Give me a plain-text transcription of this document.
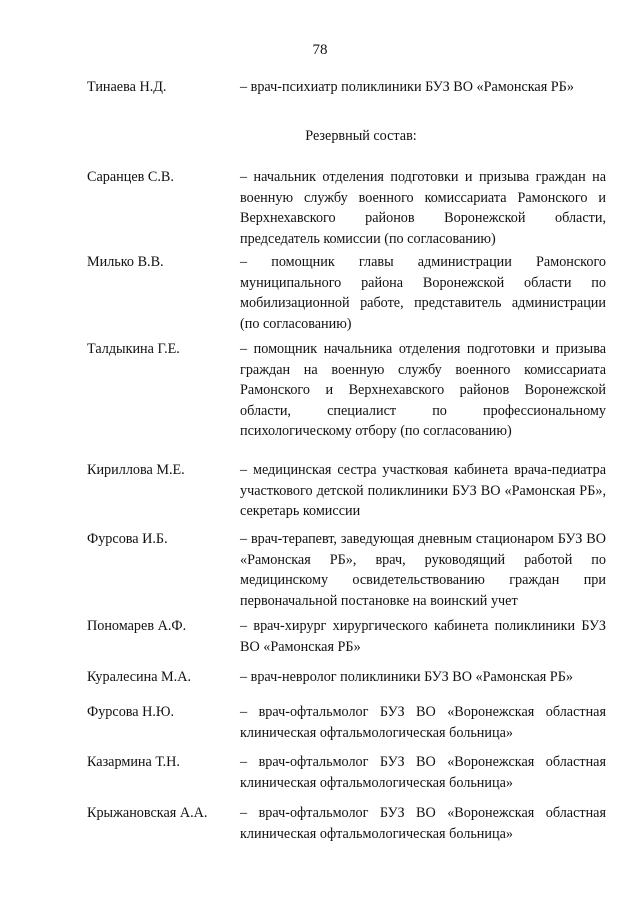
78
Тинаева Н.Д.	– врач-психиатр поликлиники БУЗ ВО «Рамонская РБ»
Резервный состав:
Саранцев С.В.	– начальник отделения подготовки и призыва граждан на военную службу военного комиссариата Рамонского и Верхнехавского районов Воронежской области, председатель комиссии (по согласованию)
Милько В.В.	– помощник главы администрации Рамонского муниципального района Воронежской области по мобилизационной работе, представитель администрации (по согласованию)
Талдыкина Г.Е.	– помощник начальника отделения подготовки и призыва граждан на военную службу военного комиссариата Рамонского и Верхнехавского районов Воронежской области, специалист по профессиональному психологическому отбору (по согласованию)
Кириллова М.Е.	– медицинская сестра участковая кабинета врача-педиатра участкового детской поликлиники БУЗ ВО «Рамонская РБ», секретарь комиссии
Фурсова И.Б.	– врач-терапевт, заведующая дневным стационаром БУЗ ВО «Рамонская РБ», врач, руководящий работой по медицинскому освидетельствованию граждан при первоначальной постановке на воинский учет
Пономарев А.Ф.	– врач-хирург хирургического кабинета поликлиники БУЗ ВО «Рамонская РБ»
Куралесина М.А.	– врач-невролог поликлиники БУЗ ВО «Рамонская РБ»
Фурсова Н.Ю.	– врач-офтальмолог БУЗ ВО «Воронежская областная клиническая офтальмологическая больница»
Казармина Т.Н.	– врач-офтальмолог БУЗ ВО «Воронежская областная клиническая офтальмологическая больница»
Крыжановская А.А.	– врач-офтальмолог БУЗ ВО «Воронежская областная клиническая офтальмологическая больница»
